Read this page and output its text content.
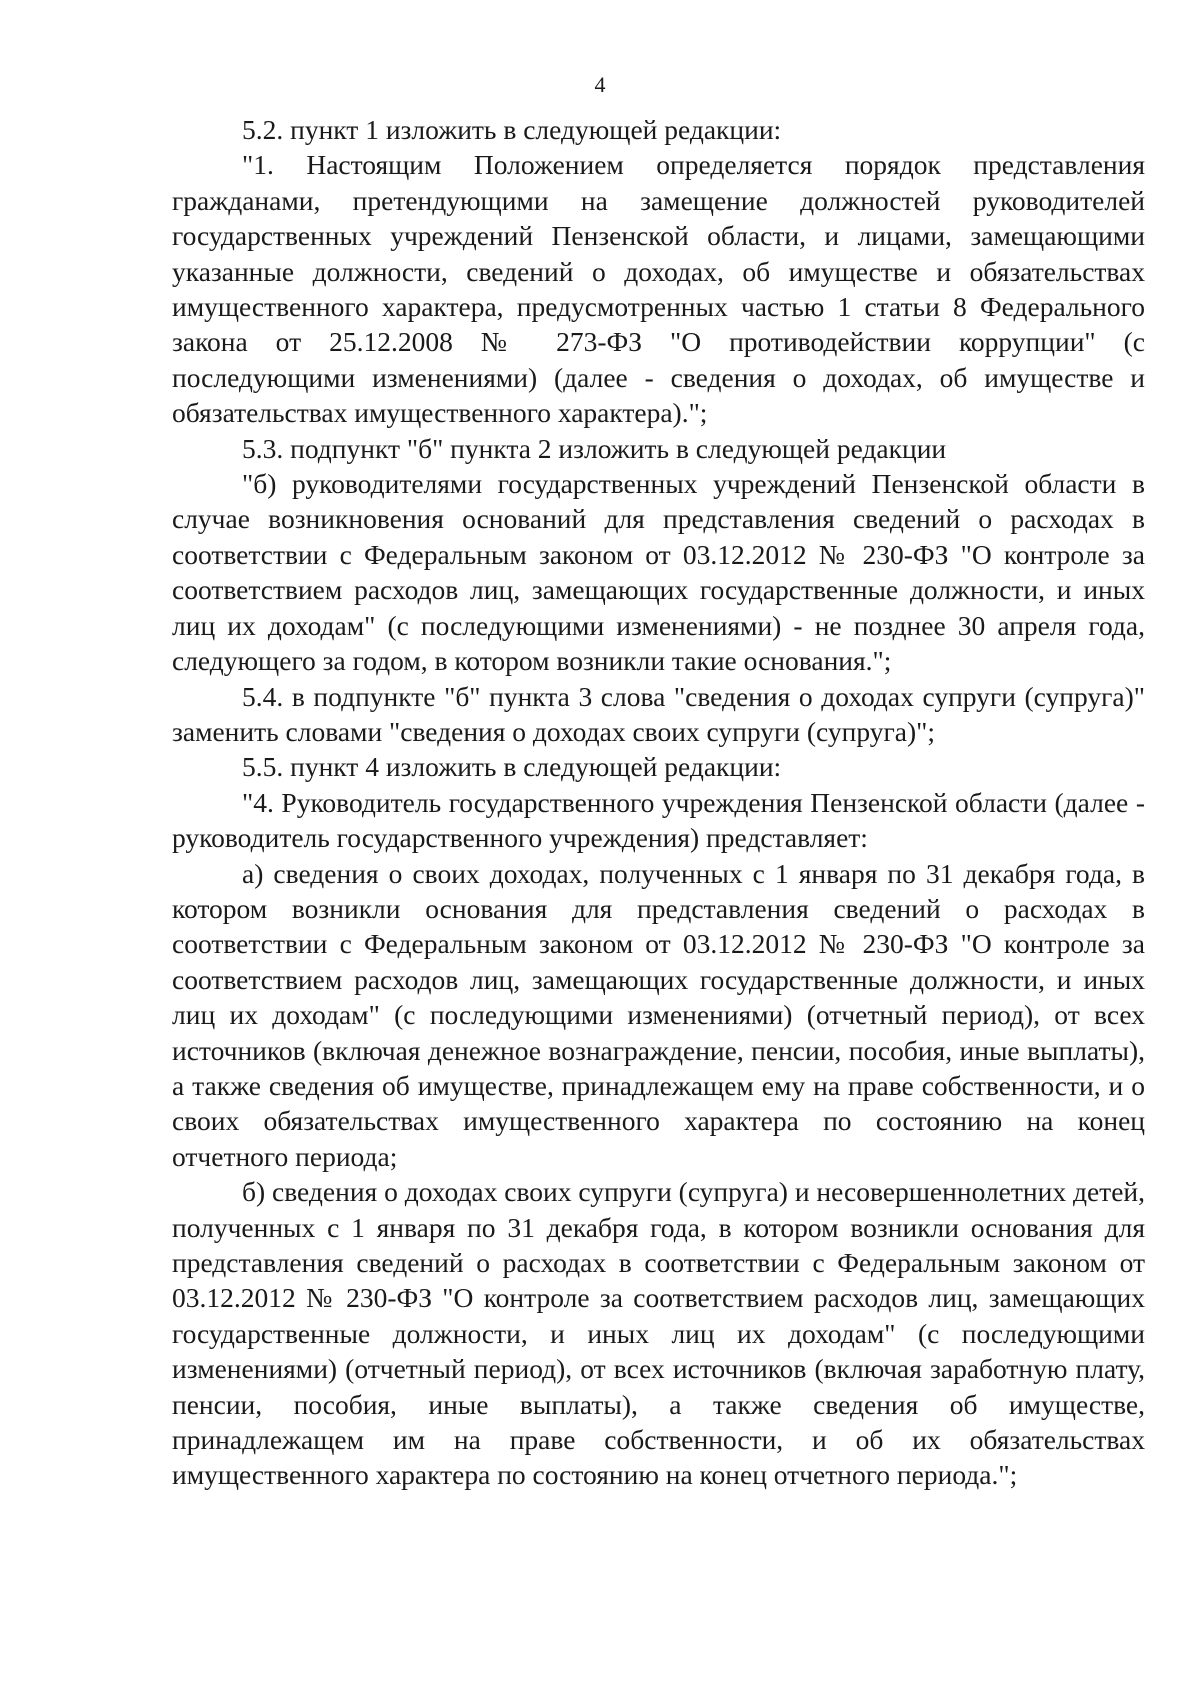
4

5.2. пункт 1 изложить в следующей редакции:

"1. Настоящим Положением определяется порядок представления гражданами, претендующими на замещение должностей руководителей государственных учреждений Пензенской области, и лицами, замещающими указанные должности, сведений о доходах, об имуществе и обязательствах имущественного характера, предусмотренных частью 1 статьи 8 Федерального закона от 25.12.2008 № 273-ФЗ "О противодействии коррупции" (с последующими изменениями) (далее - сведения о доходах, об имуществе и обязательствах имущественного характера).";

5.3. подпункт "б" пункта 2 изложить в следующей редакции

"б) руководителями государственных учреждений Пензенской области в случае возникновения оснований для представления сведений о расходах в соответствии с Федеральным законом от 03.12.2012 № 230-ФЗ "О контроле за соответствием расходов лиц, замещающих государственные должности, и иных лиц их доходам" (с последующими изменениями) - не позднее 30 апреля года, следующего за годом, в котором возникли такие основания.";

5.4. в подпункте "б" пункта 3 слова "сведения о доходах супруги (супруга)" заменить словами "сведения о доходах своих супруги (супруга)";

5.5. пункт 4 изложить в следующей редакции:

"4. Руководитель государственного учреждения Пензенской области (далее - руководитель государственного учреждения) представляет:

а) сведения о своих доходах, полученных с 1 января по 31 декабря года, в котором возникли основания для представления сведений о расходах в соответствии с Федеральным законом от 03.12.2012 № 230-ФЗ "О контроле за соответствием расходов лиц, замещающих государственные должности, и иных лиц их доходам" (с последующими изменениями) (отчетный период), от всех источников (включая денежное вознаграждение, пенсии, пособия, иные выплаты), а также сведения об имуществе, принадлежащем ему на праве собственности, и о своих обязательствах имущественного характера по состоянию на конец отчетного периода;

б) сведения о доходах своих супруги (супруга) и несовершеннолетних детей, полученных с 1 января по 31 декабря года, в котором возникли основания для представления сведений о расходах в соответствии с Федеральным законом от 03.12.2012 № 230-ФЗ "О контроле за соответствием расходов лиц, замещающих государственные должности, и иных лиц их доходам" (с последующими изменениями) (отчетный период), от всех источников (включая заработную плату, пенсии, пособия, иные выплаты), а также сведения об имуществе, принадлежащем им на праве собственности, и об их обязательствах имущественного характера по состоянию на конец отчетного периода.";
